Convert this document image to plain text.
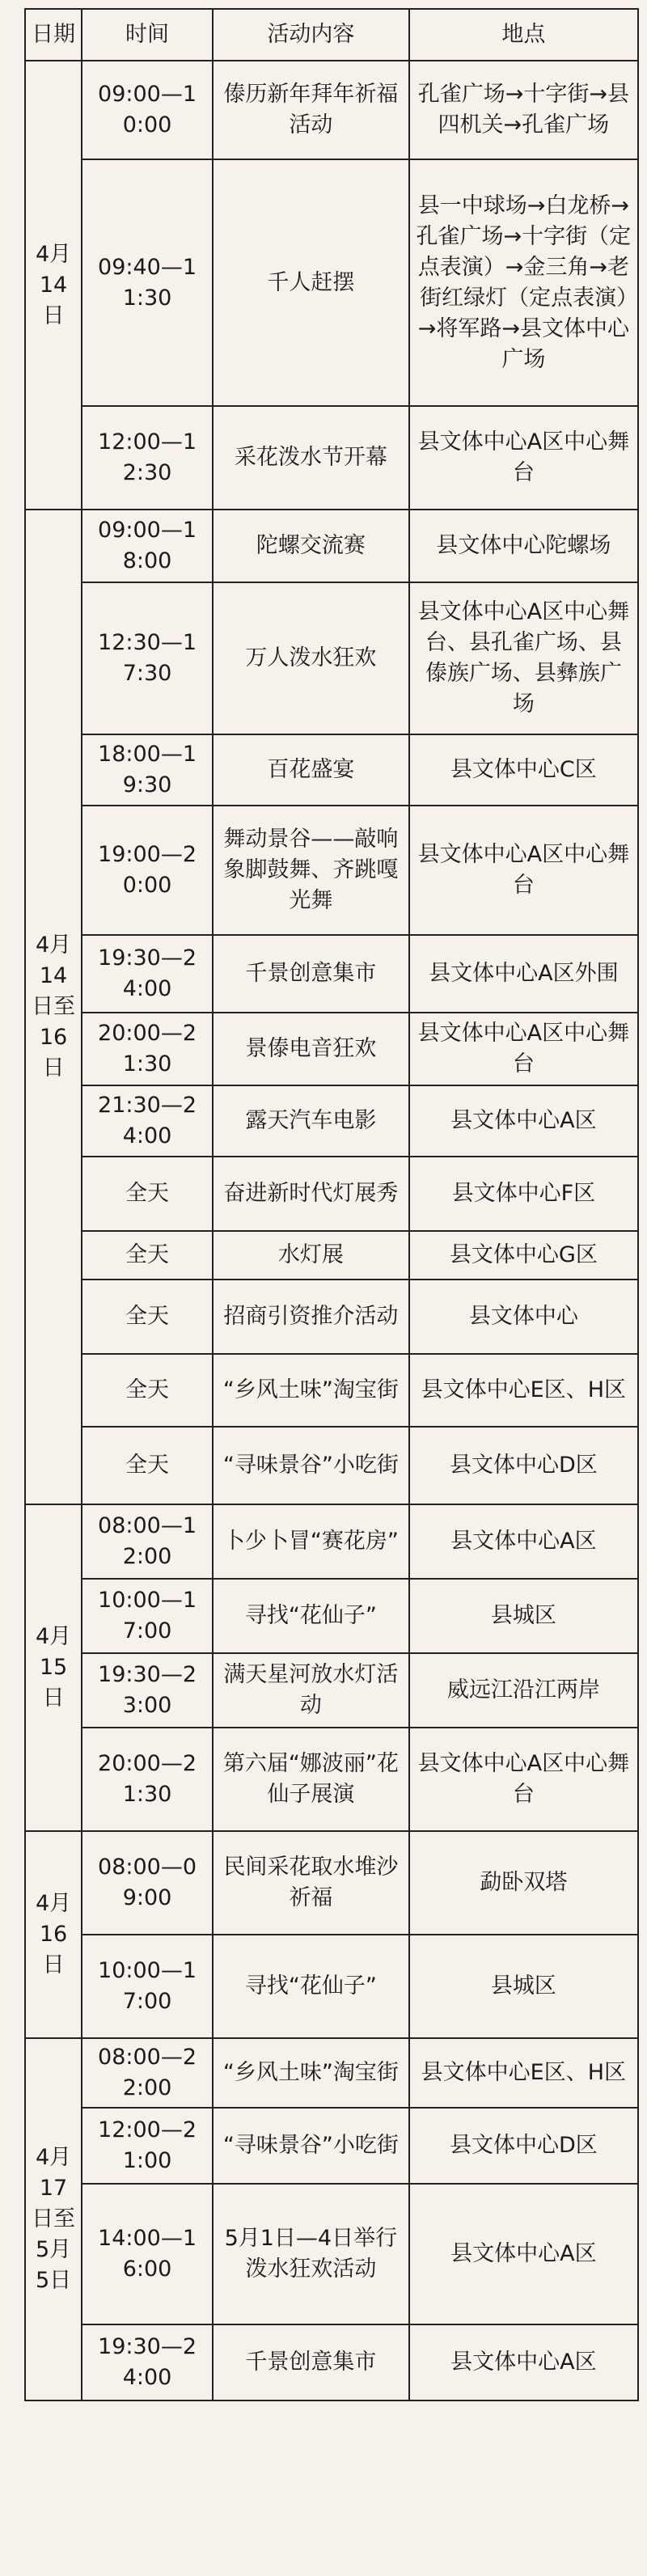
日期	时间	活动内容	地点
4月14日	09:00—10:00	傣历新年拜年祈福活动	孔雀广场→十字街→县四机关→孔雀广场
	09:40—11:30	千人赶摆	县一中球场→白龙桥→孔雀广场→十字街（定点表演）→金三角→老街红绿灯（定点表演）→将军路→县文体中心广场
	12:00—12:30	采花泼水节开幕	县文体中心A区中心舞台
4月14日至16日	09:00—18:00	陀螺交流赛	县文体中心陀螺场
	12:30—17:30	万人泼水狂欢	县文体中心A区中心舞台、县孔雀广场、县傣族广场、县彝族广场
	18:00—19:30	百花盛宴	县文体中心C区
	19:00—20:00	舞动景谷——敲响象脚鼓舞、齐跳嘎光舞	县文体中心A区中心舞台
	19:30—24:00	千景创意集市	县文体中心A区外围
	20:00—21:30	景傣电音狂欢	县文体中心A区中心舞台
	21:30—24:00	露天汽车电影	县文体中心A区
	全天	奋进新时代灯展秀	县文体中心F区
	全天	水灯展	县文体中心G区
	全天	招商引资推介活动	县文体中心
	全天	“乡风土味”淘宝街	县文体中心E区、H区
	全天	“寻味景谷”小吃街	县文体中心D区
4月15日	08:00—12:00	卜少卜冒“赛花房”	县文体中心A区
	10:00—17:00	寻找“花仙子”	县城区
	19:30—23:00	满天星河放水灯活动	威远江沿江两岸
	20:00—21:30	第六届“娜波丽”花仙子展演	县文体中心A区中心舞台
4月16日	08:00—09:00	民间采花取水堆沙祈福	勐卧双塔
	10:00—17:00	寻找“花仙子”	县城区
4月17日至5月5日	08:00—22:00	“乡风土味”淘宝街	县文体中心E区、H区
	12:00—21:00	“寻味景谷”小吃街	县文体中心D区
	14:00—16:00	5月1日—4日举行泼水狂欢活动	县文体中心A区
	19:30—24:00	千景创意集市	县文体中心A区
